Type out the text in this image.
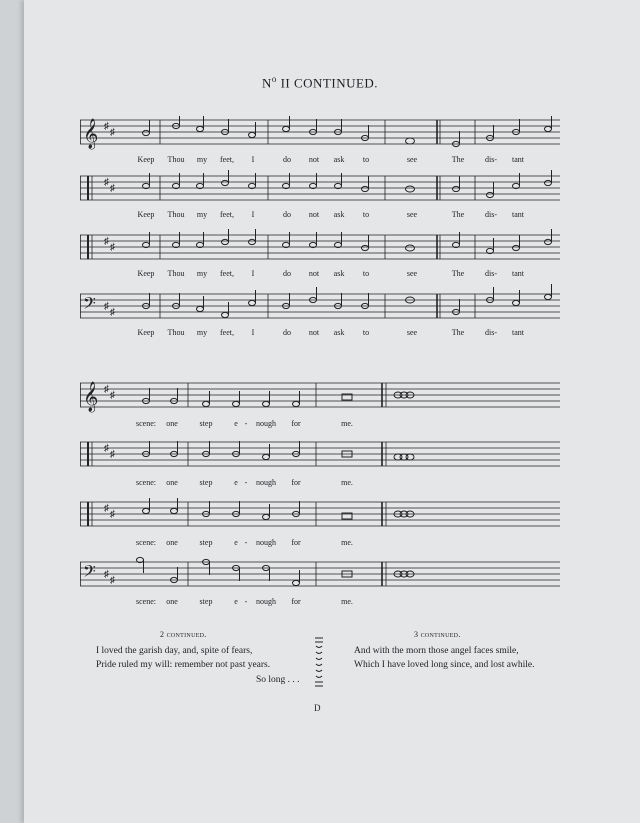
$N^o$ II CONTINUED.
𝄞 ♯
♯
♯
♯
♯
♯
𝄢 ♯
♯
Keep Thou my feet, I	do not ask to	see	The	dis- tant
Keep Thou my feet, I	do not ask to	see	The	dis- tant
Keep Thou my feet, I	do not ask to	see	The	dis- tant
Keep Thou my feet, I	do not ask to	see	The	dis- tant
𝄞 ♯
♯
♯
♯
♯
♯
𝄢 ♯
♯
scene: one	step	e - nough for	me.
scene: one	step	e - nough for	me.
scene: one	step	e - nough for	me.
scene: one	step	e - nough for	me.
2 continued.
I loved the garish day, and, spite of fears,
Pride ruled my will: remember not past years.
So long . . .
3 continued.
And with the morn those angel faces smile,
Which I have loved long since, and lost awhile.
D
